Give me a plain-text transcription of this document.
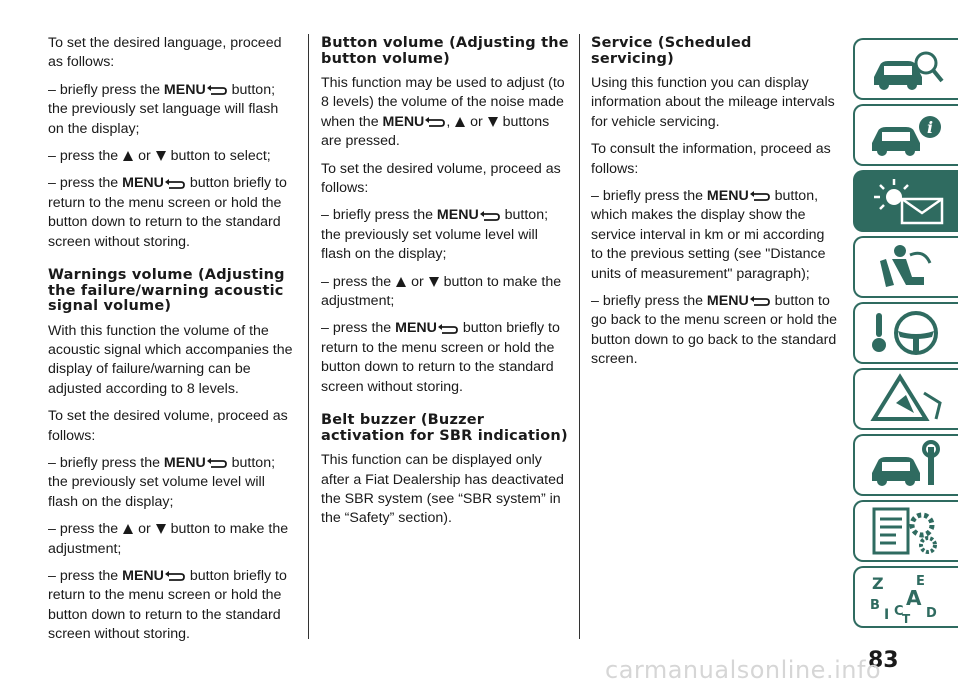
To set the desired language, proceed as follows:

– briefly press the MENU button; the previously set language will flash on the display;

– press the  or  button to select;

– press the MENU button briefly to return to the menu screen or hold the button down to return to the standard screen without storing.

Warnings volume (Adjusting the failure/warning acoustic signal volume)

With this function the volume of the acoustic signal which accompanies the display of failure/warning can be adjusted according to 8 levels.

To set the desired volume, proceed as follows:

– briefly press the MENU button; the previously set volume level will flash on the display;

– press the  or  button to make the adjustment;

– press the MENU button briefly to return to the menu screen or hold the button down to return to the standard screen without storing.

Button volume (Adjusting the button volume)

This function may be used to adjust (to 8 levels) the volume of the noise made when the MENU ,  or  buttons are pressed.

To set the desired volume, proceed as follows:

– briefly press the MENU button; the previously set volume level will flash on the display;

– press the  or  button to make the adjustment;

– press the MENU button briefly to return to the menu screen or hold the button down to return to the standard screen without storing.

Belt buzzer (Buzzer activation for SBR indication)

This function can be displayed only after a Fiat Dealership has deactivated the SBR system (see “SBR system” in the “Safety” section).

Service (Scheduled servicing)

Using this function you can display information about the mileage intervals for vehicle servicing.

To consult the information, proceed as follows:

– briefly press the MENU button, which makes the display show the service interval in km or mi according to the previous setting (see "Distance units of measurement" paragraph);

– briefly press the MENU button to go back to the menu screen or hold the button down to go back to the standard screen.

i
Z E
B A
I C D
T
83
carmanualsonline.info
